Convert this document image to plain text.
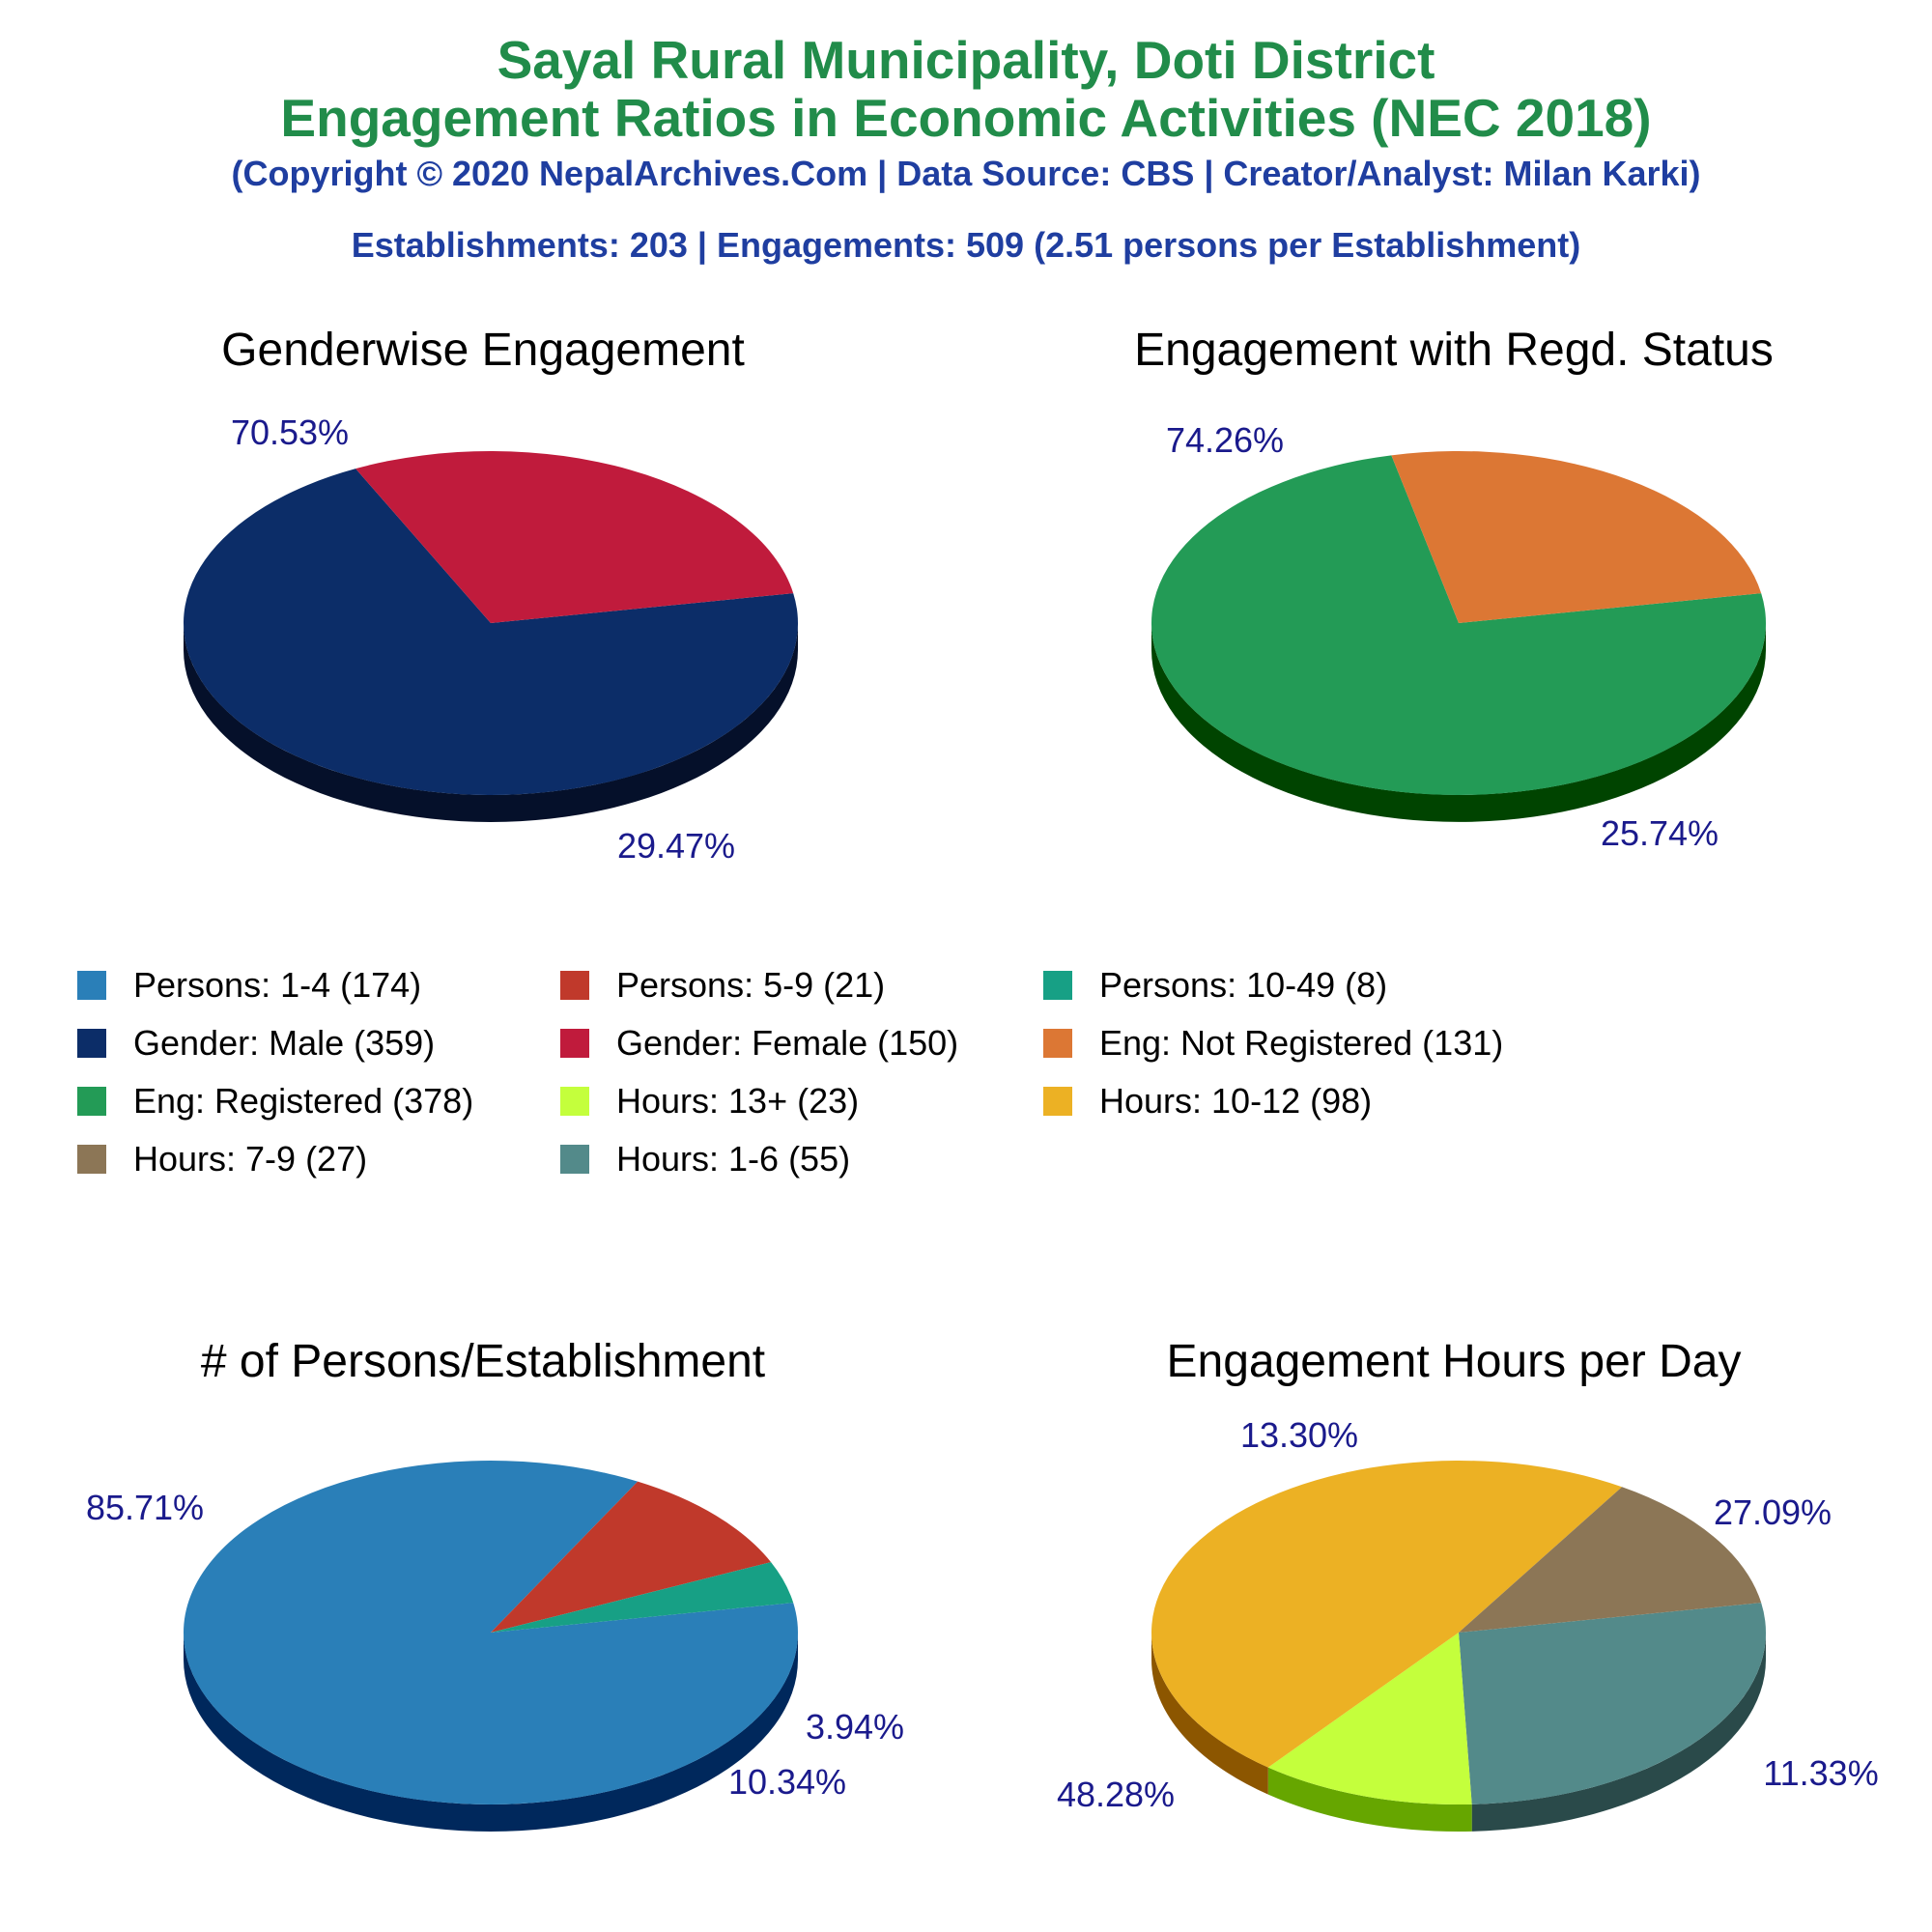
Sayal Rural Municipality, Doti District
Engagement Ratios in Economic Activities (NEC 2018)
(Copyright © 2020 NepalArchives.Com | Data Source: CBS | Creator/Analyst: Milan Karki)
Establishments: 203 | Engagements: 509 (2.51 persons per Establishment)
Genderwise Engagement
70.53%
29.47%
Engagement with Regd. Status
74.26%
25.74%
# of Persons/Establishment
85.71%
10.34%
3.94%
Engagement Hours per Day
27.09%
11.33%
48.28%
13.30%
Persons: 1-4 (174)	Persons: 5-9 (21)	Persons: 10-49 (8)
Gender: Male (359)	Gender: Female (150)	Eng: Not Registered (131)
Eng: Registered (378)	Hours: 13+ (23)	Hours: 10-12 (98)
Hours: 7-9 (27)	Hours: 1-6 (55)
